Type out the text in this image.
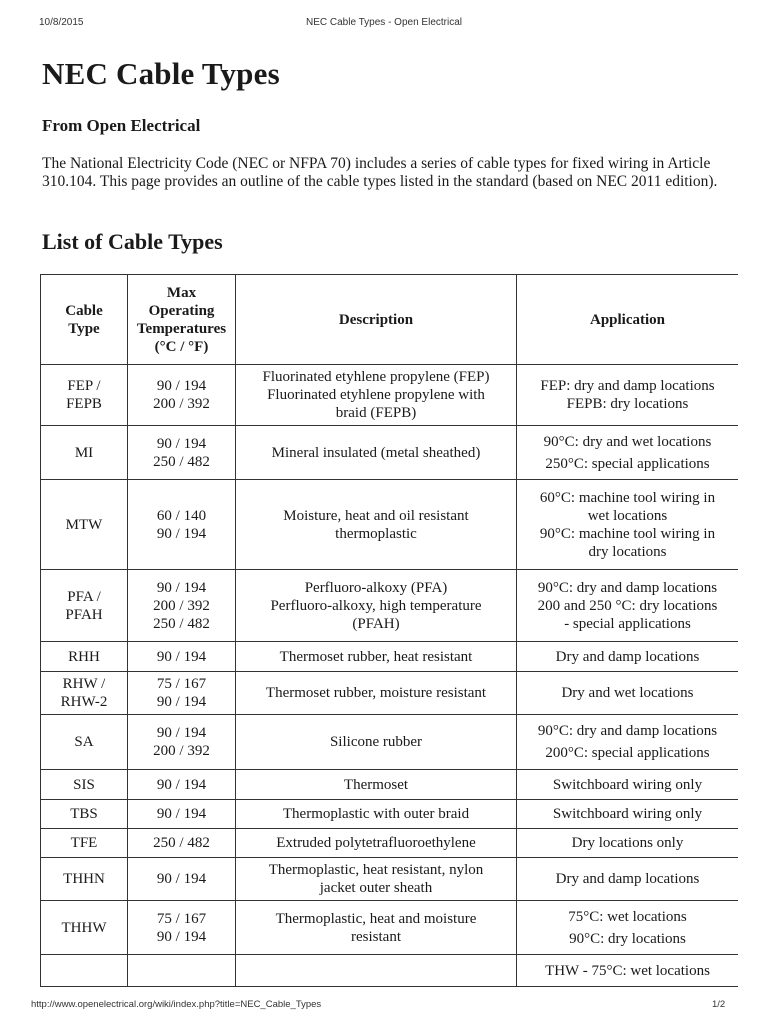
10/8/2015	NEC Cable Types - Open Electrical
NEC Cable Types
From Open Electrical
The National Electricity Code (NEC or NFPA 70) includes a series of cable types for fixed wiring in Article 310.104. This page provides an outline of the cable types listed in the standard (based on NEC 2011 edition).
List of Cable Types
Cable
Type	Max
Operating
Temperatures
(°C / °F)	Description	Application

FEP /
FEPB	90 / 194
200 / 392	Fluorinated etyhlene propylene (FEP)
Fluorinated etyhlene propylene with
braid (FEPB)	FEP: dry and damp locations
FEPB: dry locations

MI	90 / 194
250 / 482	Mineral insulated (metal sheathed)	90°C: dry and wet locations
250°C: special applications

MTW	60 / 140
90 / 194	Moisture, heat and oil resistant
thermoplastic	60°C: machine tool wiring in
wet locations
90°C: machine tool wiring in
dry locations

PFA /
PFAH	90 / 194
200 / 392
250 / 482	Perfluoro-alkoxy (PFA)
Perfluoro-alkoxy, high temperature
(PFAH)	90°C: dry and damp locations
200 and 250 °C: dry locations
- special applications

RHH	90 / 194	Thermoset rubber, heat resistant	Dry and damp locations

RHW /
RHW-2	75 / 167
90 / 194	Thermoset rubber, moisture resistant	Dry and wet locations

SA	90 / 194
200 / 392	Silicone rubber	90°C: dry and damp locations
200°C: special applications

SIS	90 / 194	Thermoset	Switchboard wiring only

TBS	90 / 194	Thermoplastic with outer braid	Switchboard wiring only

TFE	250 / 482	Extruded polytetrafluoroethylene	Dry locations only

THHN	90 / 194	Thermoplastic, heat resistant, nylon
jacket outer sheath	Dry and damp locations

THHW	75 / 167
90 / 194	Thermoplastic, heat and moisture
resistant	75°C: wet locations
90°C: dry locations

			THW - 75°C: wet locations
http://www.openelectrical.org/wiki/index.php?title=NEC_Cable_Types	1/2
